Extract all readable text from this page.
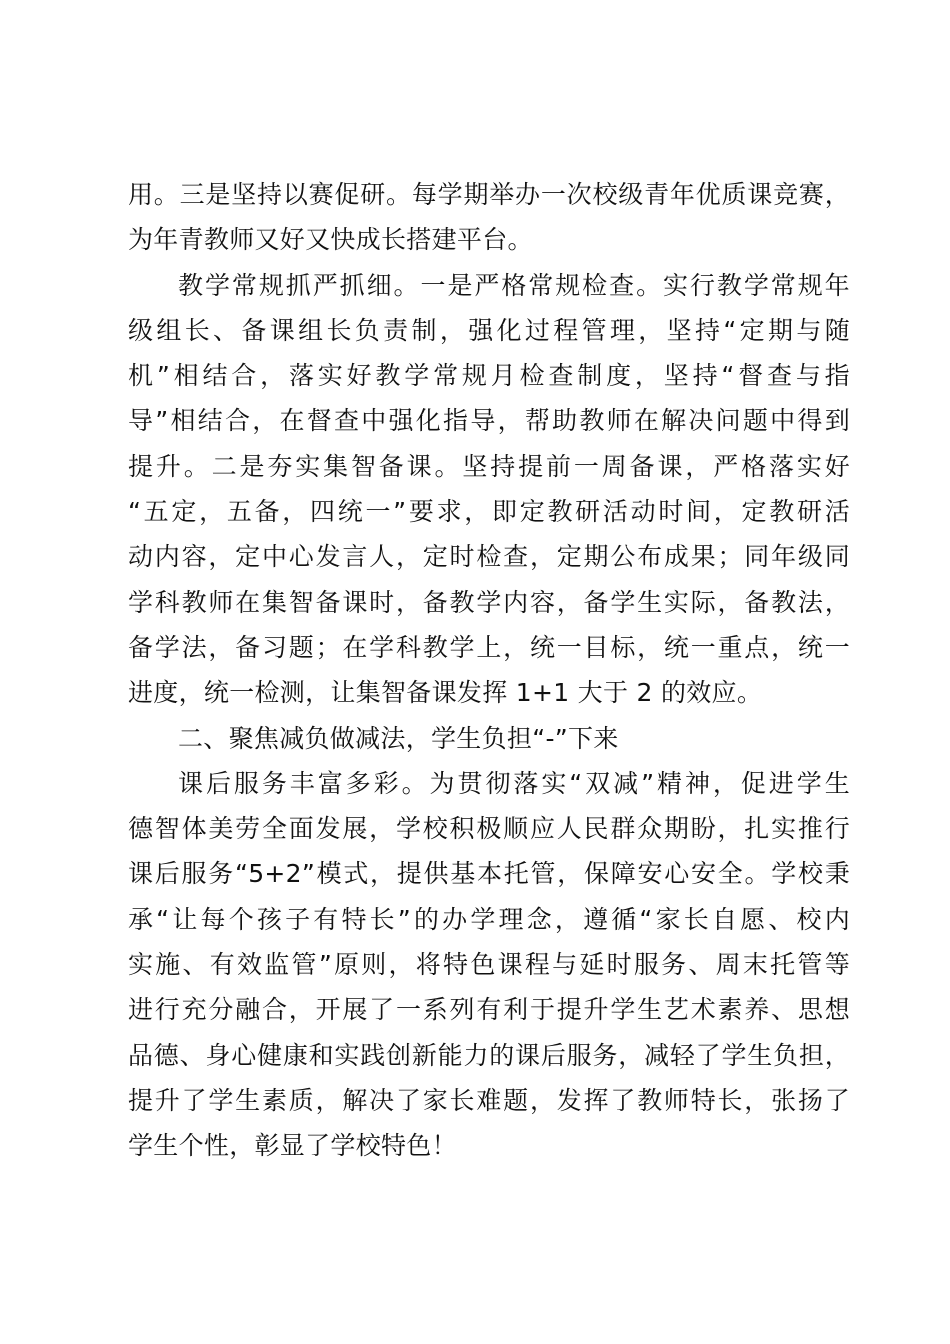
用。三是坚持以赛促研。每学期举办一次校级青年优质课竞赛，
为年青教师又好又快成长搭建平台。
教学常规抓严抓细。一是严格常规检查。实行教学常规年
级组长、备课组长负责制，强化过程管理，坚持“定期与随
机”相结合，落实好教学常规月检查制度，坚持“督查与指
导”相结合，在督查中强化指导，帮助教师在解决问题中得到
提升。二是夯实集智备课。坚持提前一周备课，严格落实好
“五定，五备，四统一”要求，即定教研活动时间，定教研活
动内容，定中心发言人，定时检查，定期公布成果；同年级同
学科教师在集智备课时，备教学内容，备学生实际，备教法，
备学法，备习题；在学科教学上，统一目标，统一重点，统一
进度，统一检测，让集智备课发挥 1+1 大于 2 的效应。
二、聚焦减负做减法，学生负担“-”下来
课后服务丰富多彩。为贯彻落实“双减”精神，促进学生
德智体美劳全面发展，学校积极顺应人民群众期盼，扎实推行
课后服务“5+2”模式，提供基本托管，保障安心安全。学校秉
承“让每个孩子有特长”的办学理念，遵循“家长自愿、校内
实施、有效监管”原则，将特色课程与延时服务、周末托管等
进行充分融合，开展了一系列有利于提升学生艺术素养、思想
品德、身心健康和实践创新能力的课后服务，减轻了学生负担，
提升了学生素质，解决了家长难题，发挥了教师特长，张扬了
学生个性，彰显了学校特色！
